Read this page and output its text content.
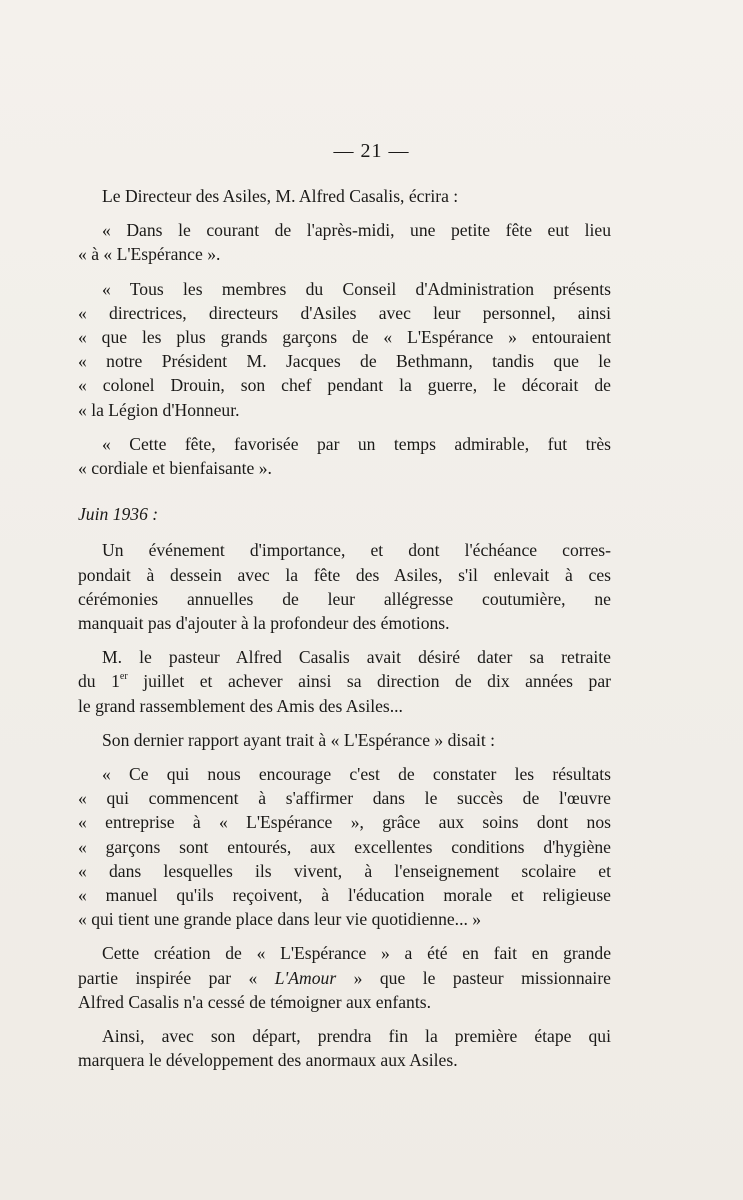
— 21 —
Le Directeur des Asiles, M. Alfred Casalis, écrira :
« Dans le courant de l'après-midi, une petite fête eut lieu
« à « L'Espérance ».
« Tous les membres du Conseil d'Administration présents
« directrices, directeurs d'Asiles avec leur personnel, ainsi
« que les plus grands garçons de « L'Espérance » entouraient
« notre Président M. Jacques de Bethmann, tandis que le
« colonel Drouin, son chef pendant la guerre, le décorait de
« la Légion d'Honneur.
« Cette fête, favorisée par un temps admirable, fut très
« cordiale et bienfaisante ».
Juin 1936 :
Un événement d'importance, et dont l'échéance corres-
pondait à dessein avec la fête des Asiles, s'il enlevait à ces
cérémonies annuelles de leur allégresse coutumière, ne
manquait pas d'ajouter à la profondeur des émotions.
M. le pasteur Alfred Casalis avait désiré dater sa retraite
du 1er juillet et achever ainsi sa direction de dix années par
le grand rassemblement des Amis des Asiles...
Son dernier rapport ayant trait à « L'Espérance » disait :
« Ce qui nous encourage c'est de constater les résultats
« qui commencent à s'affirmer dans le succès de l'œuvre
« entreprise à « L'Espérance », grâce aux soins dont nos
« garçons sont entourés, aux excellentes conditions d'hygiène
« dans lesquelles ils vivent, à l'enseignement scolaire et
« manuel qu'ils reçoivent, à l'éducation morale et religieuse
« qui tient une grande place dans leur vie quotidienne... »
Cette création de « L'Espérance » a été en fait en grande
partie inspirée par « L'Amour » que le pasteur missionnaire
Alfred Casalis n'a cessé de témoigner aux enfants.
Ainsi, avec son départ, prendra fin la première étape qui
marquera le développement des anormaux aux Asiles.
